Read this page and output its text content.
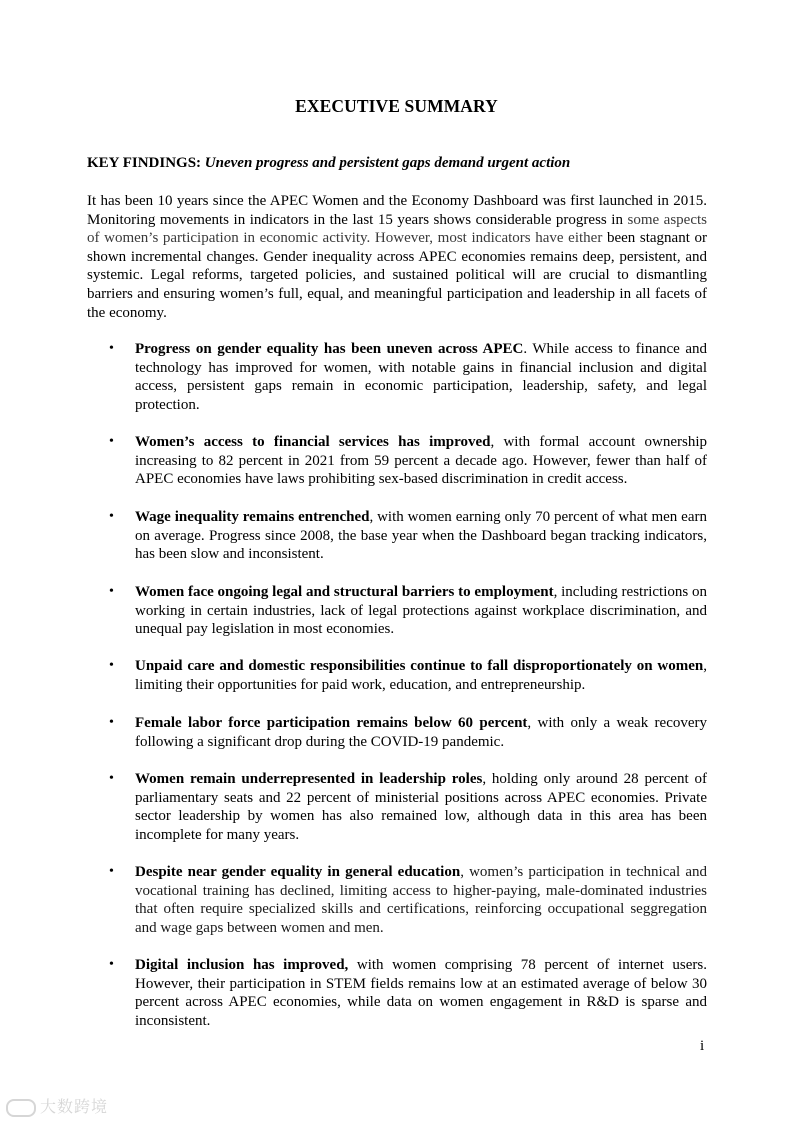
EXECUTIVE SUMMARY
KEY FINDINGS: Uneven progress and persistent gaps demand urgent action

It has been 10 years since the APEC Women and the Economy Dashboard was first launched in 2015. Monitoring movements in indicators in the last 15 years shows considerable progress in some aspects of women’s participation in economic activity. However, most indicators have either been stagnant or shown incremental changes. Gender inequality across APEC economies remains deep, persistent, and systemic. Legal reforms, targeted policies, and sustained political will are crucial to dismantling barriers and ensuring women’s full, equal, and meaningful participation and leadership in all facets of the economy.

• Progress on gender equality has been uneven across APEC. While access to finance and technology has improved for women, with notable gains in financial inclusion and digital access, persistent gaps remain in economic participation, leadership, safety, and legal protection.
• Women’s access to financial services has improved, with formal account ownership increasing to 82 percent in 2021 from 59 percent a decade ago. However, fewer than half of APEC economies have laws prohibiting sex-based discrimination in credit access.
• Wage inequality remains entrenched, with women earning only 70 percent of what men earn on average. Progress since 2008, the base year when the Dashboard began tracking indicators, has been slow and inconsistent.
• Women face ongoing legal and structural barriers to employment, including restrictions on working in certain industries, lack of legal protections against workplace discrimination, and unequal pay legislation in most economies.
• Unpaid care and domestic responsibilities continue to fall disproportionately on women, limiting their opportunities for paid work, education, and entrepreneurship.
• Female labor force participation remains below 60 percent, with only a weak recovery following a significant drop during the COVID-19 pandemic.
• Women remain underrepresented in leadership roles, holding only around 28 percent of parliamentary seats and 22 percent of ministerial positions across APEC economies. Private sector leadership by women has also remained low, although data in this area has been incomplete for many years.
• Despite near gender equality in general education, women’s participation in technical and vocational training has declined, limiting access to higher-paying, male-dominated industries that often require specialized skills and certifications, reinforcing occupational seggregation and wage gaps between women and men.
• Digital inclusion has improved, with women comprising 78 percent of internet users. However, their participation in STEM fields remains low at an estimated average of below 30 percent across APEC economies, while data on women engagement in R&D is sparse and inconsistent.
i
大数跨境
